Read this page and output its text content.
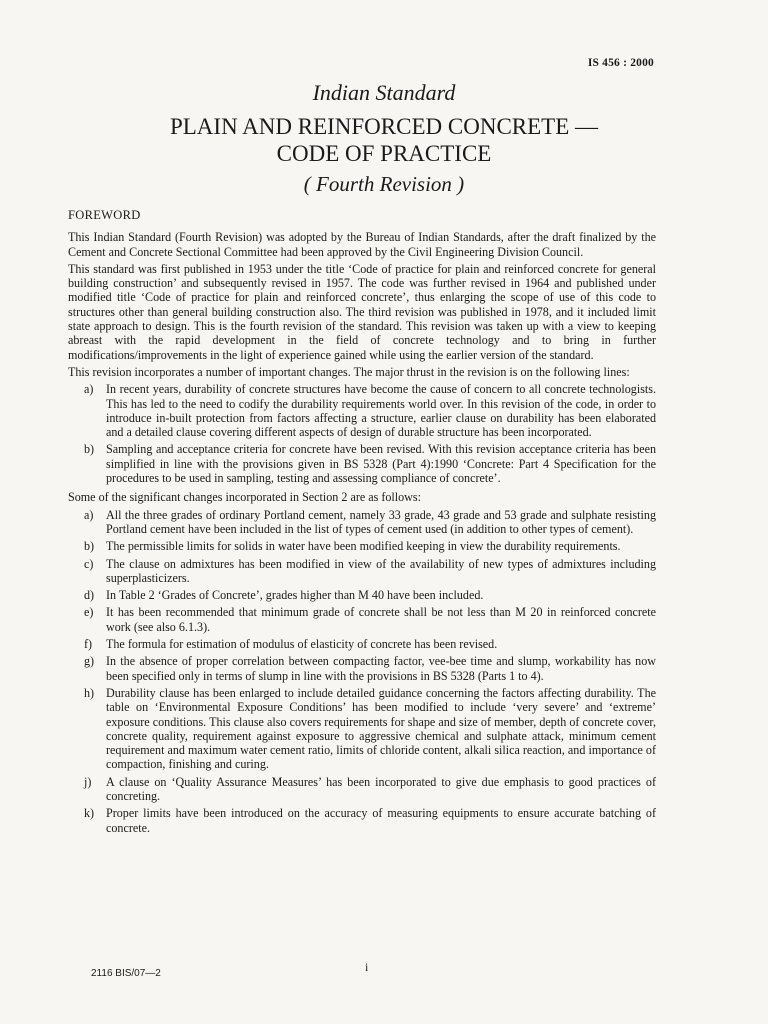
IS 456 : 2000
Indian Standard
PLAIN AND REINFORCED CONCRETE —
CODE OF PRACTICE
( Fourth Revision )
FOREWORD

This Indian Standard (Fourth Revision) was adopted by the Bureau of Indian Standards, after the draft finalized by the Cement and Concrete Sectional Committee had been approved by the Civil Engineering Division Council.

This standard was first published in 1953 under the title ‘Code of practice for plain and reinforced concrete for general building construction’ and subsequently revised in 1957. The code was further revised in 1964 and published under modified title ‘Code of practice for plain and reinforced concrete’, thus enlarging the scope of use of this code to structures other than general building construction also. The third revision was published in 1978, and it included limit state approach to design. This is the fourth revision of the standard. This revision was taken up with a view to keeping abreast with the rapid development in the field of concrete technology and to bring in further modifications/improvements in the light of experience gained while using the earlier version of the standard.

This revision incorporates a number of important changes. The major thrust in the revision is on the following lines:

a) In recent years, durability of concrete structures have become the cause of concern to all concrete technologists. This has led to the need to codify the durability requirements world over. In this revision of the code, in order to introduce in-built protection from factors affecting a structure, earlier clause on durability has been elaborated and a detailed clause covering different aspects of design of durable structure has been incorporated.
b) Sampling and acceptance criteria for concrete have been revised. With this revision acceptance criteria has been simplified in line with the provisions given in BS 5328 (Part 4):1990 ‘Concrete: Part 4 Specification for the procedures to be used in sampling, testing and assessing compliance of concrete’.

Some of the significant changes incorporated in Section 2 are as follows:

a) All the three grades of ordinary Portland cement, namely 33 grade, 43 grade and 53 grade and sulphate resisting Portland cement have been included in the list of types of cement used (in addition to other types of cement).
b) The permissible limits for solids in water have been modified keeping in view the durability requirements.
c) The clause on admixtures has been modified in view of the availability of new types of admixtures including superplasticizers.
d) In Table 2 ‘Grades of Concrete’, grades higher than M 40 have been included.
e) It has been recommended that minimum grade of concrete shall be not less than M 20 in reinforced concrete work (see also 6.1.3).
f) The formula for estimation of modulus of elasticity of concrete has been revised.
g) In the absence of proper correlation between compacting factor, vee-bee time and slump, workability has now been specified only in terms of slump in line with the provisions in BS 5328 (Parts 1 to 4).
h) Durability clause has been enlarged to include detailed guidance concerning the factors affecting durability. The table on ‘Environmental Exposure Conditions’ has been modified to include ‘very severe’ and ‘extreme’ exposure conditions. This clause also covers requirements for shape and size of member, depth of concrete cover, concrete quality, requirement against exposure to aggressive chemical and sulphate attack, minimum cement requirement and maximum water cement ratio, limits of chloride content, alkali silica reaction, and importance of compaction, finishing and curing.
j) A clause on ‘Quality Assurance Measures’ has been incorporated to give due emphasis to good practices of concreting.
k) Proper limits have been introduced on the accuracy of measuring equipments to ensure accurate batching of concrete.
i
2116 BIS/07—2
